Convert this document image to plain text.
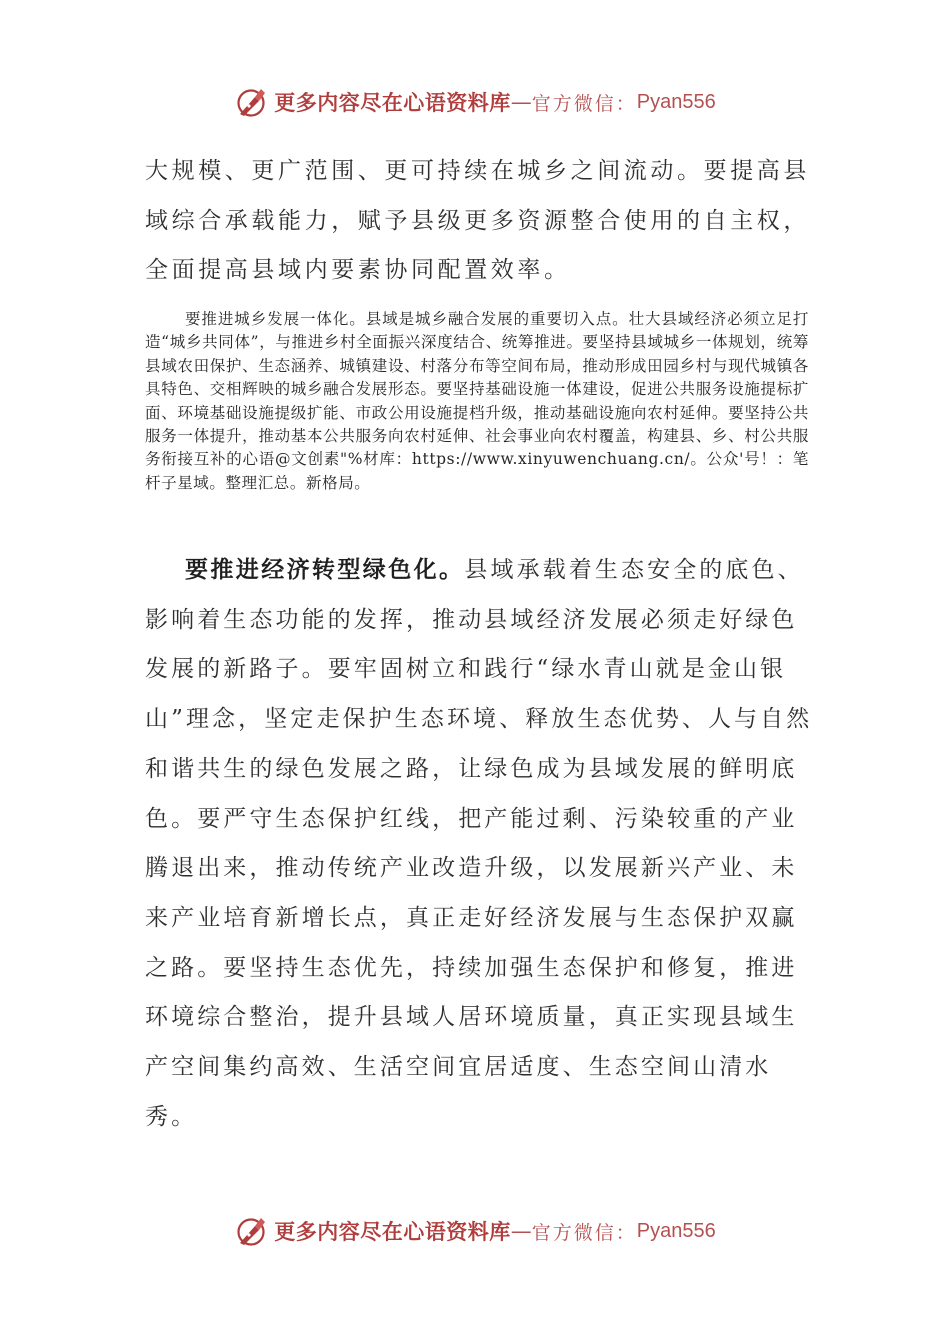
更多内容尽在心语资料库 — 官方微信： Pyan556

大规模、更广范围、更可持续在城乡之间流动。要提高县域综合承载能力，赋予县级更多资源整合使用的自主权，全面提高县域内要素协同配置效率。

要推进城乡发展一体化。县域是城乡融合发展的重要切入点。壮大县域经济必须立足打造“城乡共同体”，与推进乡村全面振兴深度结合、统筹推进。要坚持县域城乡一体规划，统筹县域农田保护、生态涵养、城镇建设、村落分布等空间布局，推动形成田园乡村与现代城镇各具特色、交相辉映的城乡融合发展形态。要坚持基础设施一体建设，促进公共服务设施提标扩面、环境基础设施提级扩能、市政公用设施提档升级，推动基础设施向农村延伸。要坚持公共服务一体提升，推动基本公共服务向农村延伸、社会事业向农村覆盖，构建县、乡、村公共服务衔接互补的心语@文创素"%材库：https://www.xinyuwenchuang.cn/。公众'号！：笔杆子星域。整理汇总。新格局。

要推进经济转型绿色化。县域承载着生态安全的底色、影响着生态功能的发挥，推动县域经济发展必须走好绿色发展的新路子。要牢固树立和践行“绿水青山就是金山银山”理念，坚定走保护生态环境、释放生态优势、人与自然和谐共生的绿色发展之路，让绿色成为县域发展的鲜明底色。要严守生态保护红线，把产能过剩、污染较重的产业腾退出来，推动传统产业改造升级，以发展新兴产业、未来产业培育新增长点，真正走好经济发展与生态保护双赢之路。要坚持生态优先，持续加强生态保护和修复，推进环境综合整治，提升县域人居环境质量，真正实现县域生产空间集约高效、生活空间宜居适度、生态空间山清水秀。

更多内容尽在心语资料库 — 官方微信： Pyan556
